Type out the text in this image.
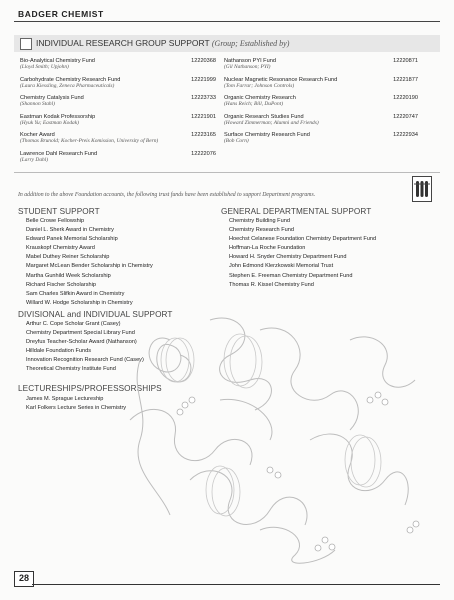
BADGER CHEMIST
INDIVIDUAL RESEARCH GROUP SUPPORT (Group; Established by)
Bio-Analytical Chemistry Fund
(Lloyd Smith; Upjohn)
12220368
Carbohydrate Chemistry Research Fund
(Laura Kiessling, Zeneca Pharmaceuticals)
12221999
Chemistry Catalysis Fund
(Shannon Stahl)
12223733
Eastman Kodak Professorship
(Hyuk Yu; Eastman Kodak)
12221901
Kocher Award
(Thomas Brunold; Kocher-Preis Komission, University of Bern)
12223165
Lawrence Dahl Research Fund
(Larry Dahl)
12222076
Nathanson PYI Fund
(Gil Nathanson; PYI)
12220871
Nuclear Magnetic Resonance Research Fund
(Tom Farrar; Johnson Controls)
12221877
Organic Chemistry Research
(Hans Reich; Bill, DuPont)
12220190
Organic Research Studies Fund
(Howard Zimmerman; Alumni and Friends)
12220747
Surface Chemistry Research Fund
(Bob Corn)
12222934
In addition to the above Foundation accounts, the following trust funds have been established to support Department programs.
STUDENT SUPPORT
Belle Crowe Fellowship
Daniel L. Sherk Award in Chemistry
Edward Panek Memorial Scholarship
Krauskopf Chemistry Award
Mabel Duthey Reiner Scholarship
Margaret McLean Bender Scholarship in Chemistry
Martha Gunhild Week Scholarship
Richard Fischer Scholarship
Sam Charles Slifkin Award in Chemistry
Willard W. Hodge Scholarship in Chemistry
GENERAL DEPARTMENTAL SUPPORT
Chemistry Building Fund
Chemistry Research Fund
Hoechst Celanese Foundation Chemistry Department Fund
Hoffman-La Roche Foundation
Howard H. Snyder Chemistry Department Fund
John Edmond Klerzkowski Memorial Trust
Stephen E. Freeman Chemistry Department Fund
Thomas R. Kissel Chemistry Fund
DIVISIONAL and INDIVIDUAL SUPPORT
Arthur C. Cope Scholar Grant (Casey)
Chemistry Department Special Library Fund
Dreyfus Teacher-Scholar Award (Nathanson)
Hilldale Foundation Funds
Innovation Recognition Research Fund (Casey)
Theoretical Chemistry Institute Fund
LECTURESHIPS/PROFESSORSHIPS
James M. Sprague Lectureship
Karl Folkers Lecture Series in Chemistry
28
